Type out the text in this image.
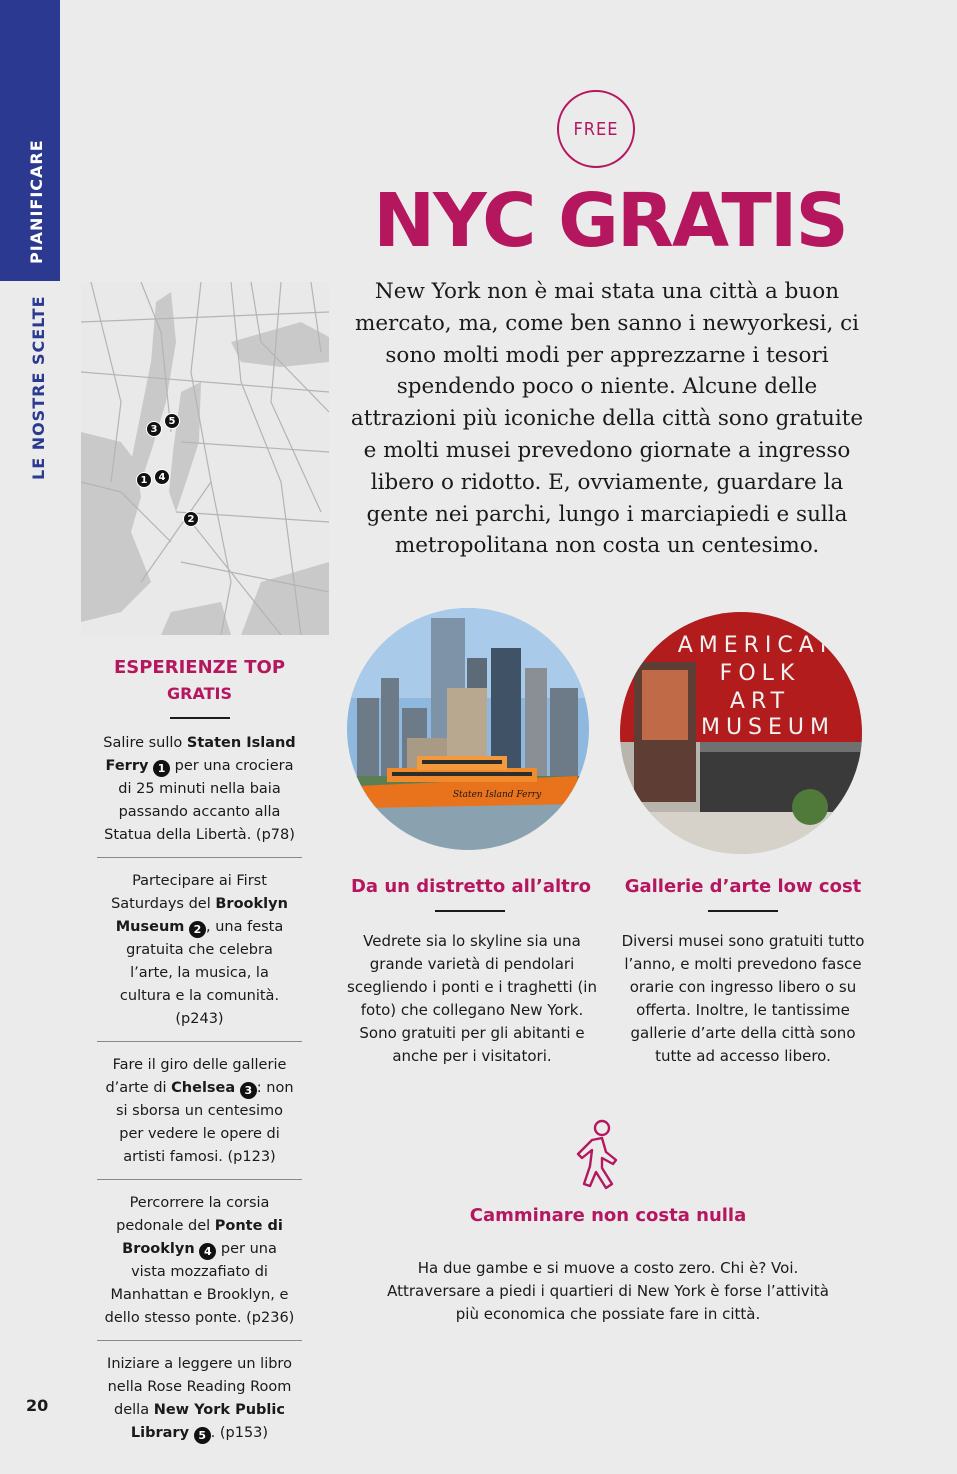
PIANIFICARE
LE NOSTRE SCELTE
FREE
NYC GRATIS
New York non è mai stata una città a buon mercato, ma, come ben sanno i newyorkesi, ci sono molti modi per apprezzarne i tesori spendendo poco o niente. Alcune delle attrazioni più iconiche della città sono gratuite e molti musei prevedono giornate a ingresso libero o ridotto. E, ovviamente, guardare la gente nei parchi, lungo i marciapiedi e sulla metropolitana non costa un centesimo.
3
5
1	4
2
ESPERIENZE TOP
GRATIS
Salire sullo Staten Island Ferry 1 per una crociera di 25 minuti nella baia passando accanto alla Statua della Libertà. (p78)
Partecipare ai First Saturdays del Brooklyn Museum 2 , una festa gratuita che celebra l’arte, la musica, la cultura e la comunità. (p243)
Fare il giro delle gallerie d’arte di Chelsea 3 : non si sborsa un centesimo per vedere le opere di artisti famosi. (p123)
Percorrere la corsia pedonale del Ponte di Brooklyn 4 per una vista mozzafiato di Manhattan e Brooklyn, e dello stesso ponte. (p236)
Iniziare a leggere un libro nella Rose Reading Room della New York Public Library 5 . (p153)
Staten Island Ferry
AMERICAN
FOLK
ART
MUSEUM
Da un distretto all’altro
Vedrete sia lo skyline sia una grande varietà di pendolari scegliendo i ponti e i traghetti (in foto) che collegano New York. Sono gratuiti per gli abitanti e anche per i visitatori.
Gallerie d’arte low cost
Diversi musei sono gratuiti tutto l’anno, e molti prevedono fasce orarie con ingresso libero o su offerta. Inoltre, le tantissime gallerie d’arte della città sono tutte ad accesso libero.
Camminare non costa nulla
Ha due gambe e si muove a costo zero. Chi è? Voi. Attraversare a piedi i quartieri di New York è forse l’attività più economica che possiate fare in città.
20
